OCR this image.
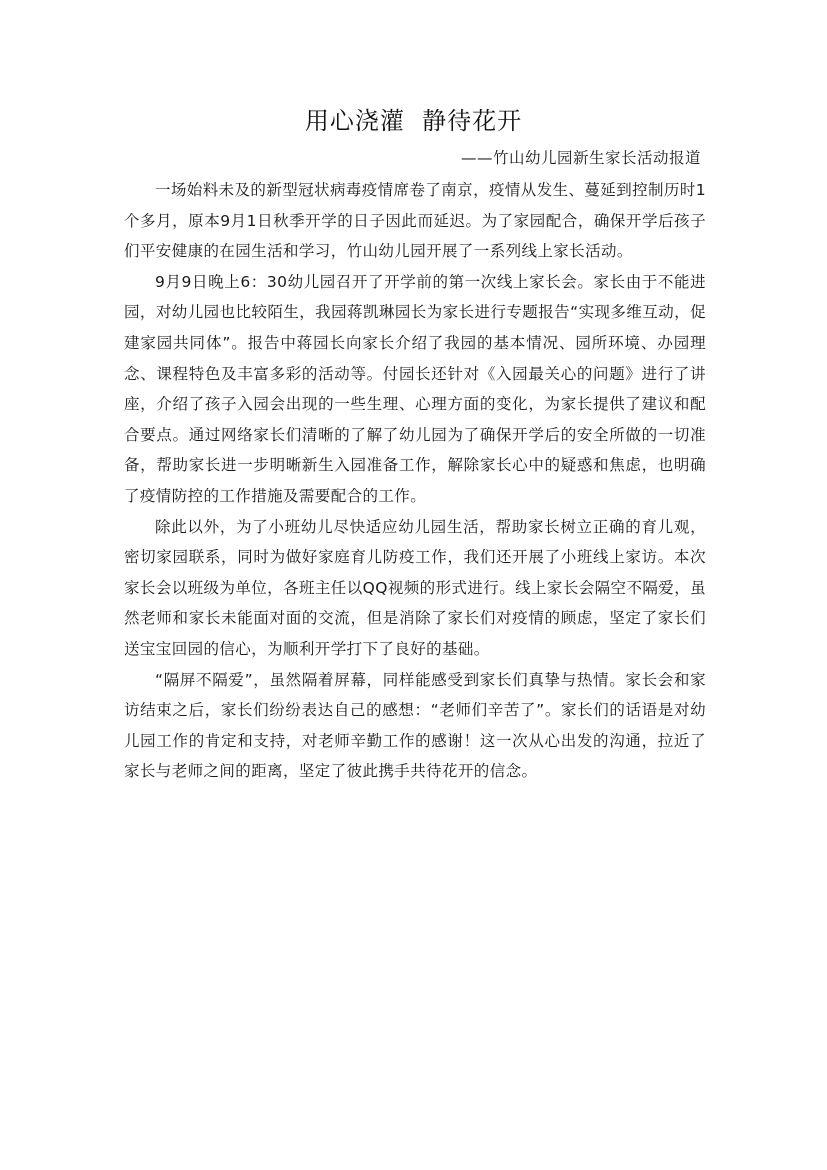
用心浇灌  静待花开
——竹山幼儿园新生家长活动报道

一场始料未及的新型冠状病毒疫情席卷了南京，疫情从发生、蔓延到控制历时1个多月，原本9月1日秋季开学的日子因此而延迟。为了家园配合，确保开学后孩子们平安健康的在园生活和学习，竹山幼儿园开展了一系列线上家长活动。

9月9日晚上6：30幼儿园召开了开学前的第一次线上家长会。家长由于不能进园，对幼儿园也比较陌生，我园蒋凯琳园长为家长进行专题报告“实现多维互动，促建家园共同体”。报告中蒋园长向家长介绍了我园的基本情况、园所环境、办园理念、课程特色及丰富多彩的活动等。付园长还针对《入园最关心的问题》进行了讲座，介绍了孩子入园会出现的一些生理、心理方面的变化，为家长提供了建议和配合要点。通过网络家长们清晰的了解了幼儿园为了确保开学后的安全所做的一切准备，帮助家长进一步明晰新生入园准备工作，解除家长心中的疑惑和焦虑，也明确了疫情防控的工作措施及需要配合的工作。

除此以外，为了小班幼儿尽快适应幼儿园生活，帮助家长树立正确的育儿观，密切家园联系，同时为做好家庭育儿防疫工作，我们还开展了小班线上家访。本次家长会以班级为单位，各班主任以QQ视频的形式进行。线上家长会隔空不隔爱，虽然老师和家长未能面对面的交流，但是消除了家长们对疫情的顾虑，坚定了家长们送宝宝回园的信心，为顺利开学打下了良好的基础。

“隔屏不隔爱”，虽然隔着屏幕，同样能感受到家长们真挚与热情。家长会和家访结束之后，家长们纷纷表达自己的感想：“老师们辛苦了”。家长们的话语是对幼儿园工作的肯定和支持，对老师辛勤工作的感谢！这一次从心出发的沟通，拉近了家长与老师之间的距离，坚定了彼此携手共待花开的信念。
